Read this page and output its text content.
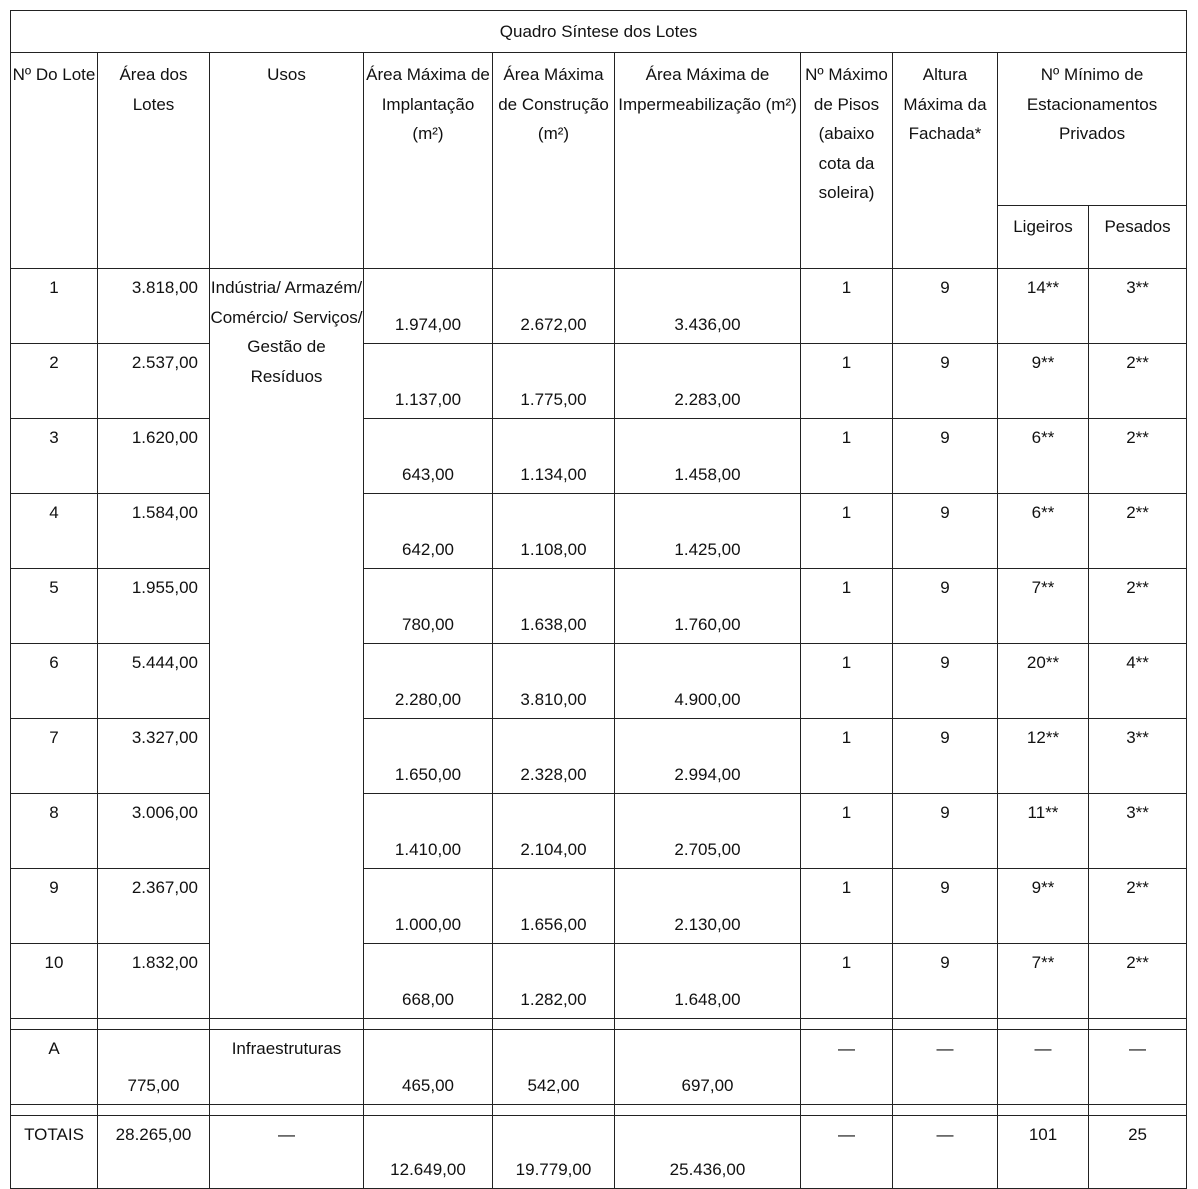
Quadro Síntese dos Lotes									
Nº Do Lote	Área dos Lotes	Usos	Área Máxima de Implantação (m²)	Área Máxima de Construção (m²)	Área Máxima de Impermeabilização (m²)	Nº Máximo de Pisos (abaixo cota da soleira)	Altura Máxima da Fachada*	Nº Mínimo de Estacionamentos Privados	

								Ligeiros	Pesados

1	3.818,00	Indústria/ Armazém/ Comércio/ Serviços/ Gestão de Resíduos	1.974,00	2.672,00	3.436,00	1	9	14**	3**
2	2.537,00		1.137,00	1.775,00	2.283,00	1	9	9**	2**
3	1.620,00		643,00	1.134,00	1.458,00	1	9	6**	2**
4	1.584,00		642,00	1.108,00	1.425,00	1	9	6**	2**
5	1.955,00		780,00	1.638,00	1.760,00	1	9	7**	2**
6	5.444,00		2.280,00	3.810,00	4.900,00	1	9	20**	4**
7	3.327,00		1.650,00	2.328,00	2.994,00	1	9	12**	3**
8	3.006,00		1.410,00	2.104,00	2.705,00	1	9	11**	3**
9	2.367,00		1.000,00	1.656,00	2.130,00	1	9	9**	2**
10	1.832,00		668,00	1.282,00	1.648,00	1	9	7**	2**

A	775,00	Infraestruturas	465,00	542,00	697,00	—	—	—	—

TOTAIS	28.265,00	—	12.649,00	19.779,00	25.436,00	—	—	101	25
